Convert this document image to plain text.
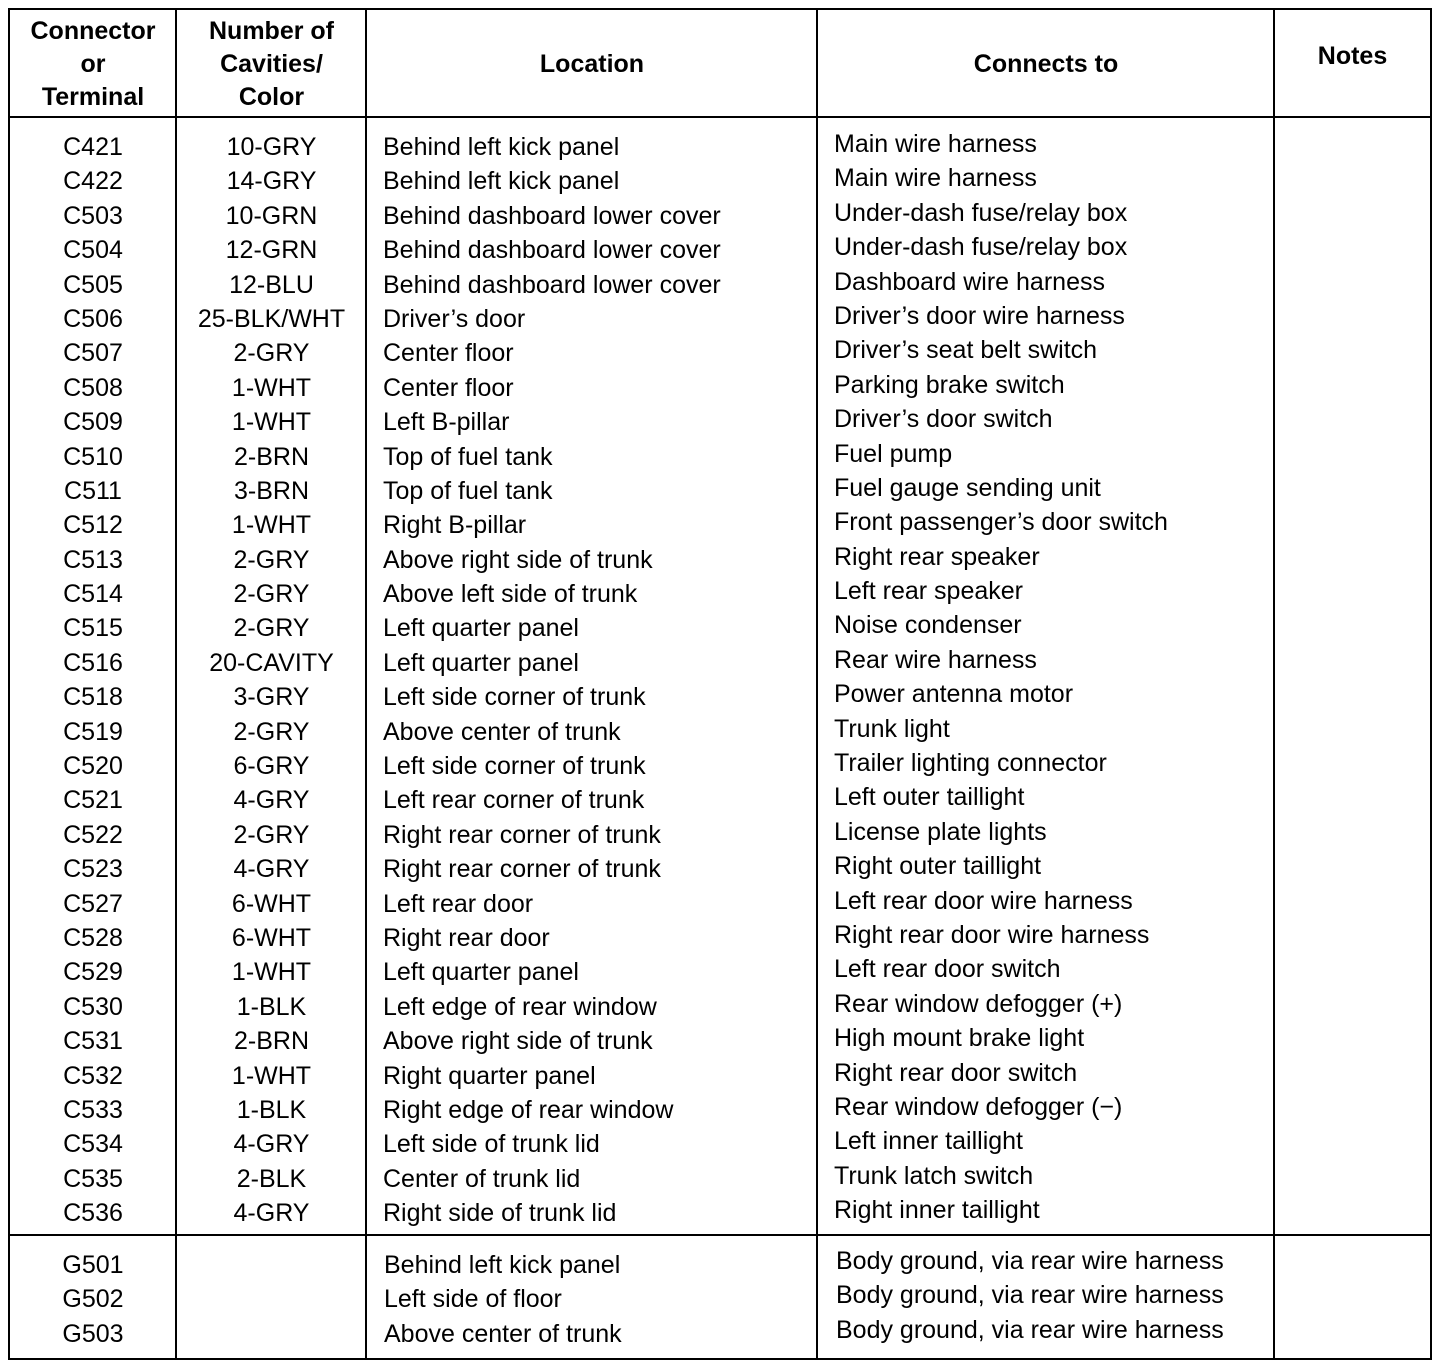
Connector
or
Terminal
Number of
Cavities/
Color
Location	Connects to	Notes
C421
C422
C503
C504
C505
C506
C507
C508
C509
C510
C511
C512
C513
C514
C515
C516
C518
C519
C520
C521
C522
C523
C527
C528
C529
C530
C531
C532
C533
C534
C535
C536
10-GRY
14-GRY
10-GRN
12-GRN
12-BLU
25-BLK/WHT
2-GRY
1-WHT
1-WHT
2-BRN
3-BRN
1-WHT
2-GRY
2-GRY
2-GRY
20-CAVITY
3-GRY
2-GRY
6-GRY
4-GRY
2-GRY
4-GRY
6-WHT
6-WHT
1-WHT
1-BLK
2-BRN
1-WHT
1-BLK
4-GRY
2-BLK
4-GRY
Behind left kick panel
Behind left kick panel
Behind dashboard lower cover
Behind dashboard lower cover
Behind dashboard lower cover
Driver’s door
Center floor
Center floor
Left B-pillar
Top of fuel tank
Top of fuel tank
Right B-pillar
Above right side of trunk
Above left side of trunk
Left quarter panel
Left quarter panel
Left side corner of trunk
Above center of trunk
Left side corner of trunk
Left rear corner of trunk
Right rear corner of trunk
Right rear corner of trunk
Left rear door
Right rear door
Left quarter panel
Left edge of rear window
Above right side of trunk
Right quarter panel
Right edge of rear window
Left side of trunk lid
Center of trunk lid
Right side of trunk lid
Main wire harness
Main wire harness
Under-dash fuse/relay box
Under-dash fuse/relay box
Dashboard wire harness
Driver’s door wire harness
Driver’s seat belt switch
Parking brake switch
Driver’s door switch
Fuel pump
Fuel gauge sending unit
Front passenger’s door switch
Right rear speaker
Left rear speaker
Noise condenser
Rear wire harness
Power antenna motor
Trunk light
Trailer lighting connector
Left outer taillight
License plate lights
Right outer taillight
Left rear door wire harness
Right rear door wire harness
Left rear door switch
Rear window defogger (+)
High mount brake light
Right rear door switch
Rear window defogger (−)
Left inner taillight
Trunk latch switch
Right inner taillight
G501
G502
G503
Behind left kick panel
Left side of floor
Above center of trunk
Body ground, via rear wire harness
Body ground, via rear wire harness
Body ground, via rear wire harness
